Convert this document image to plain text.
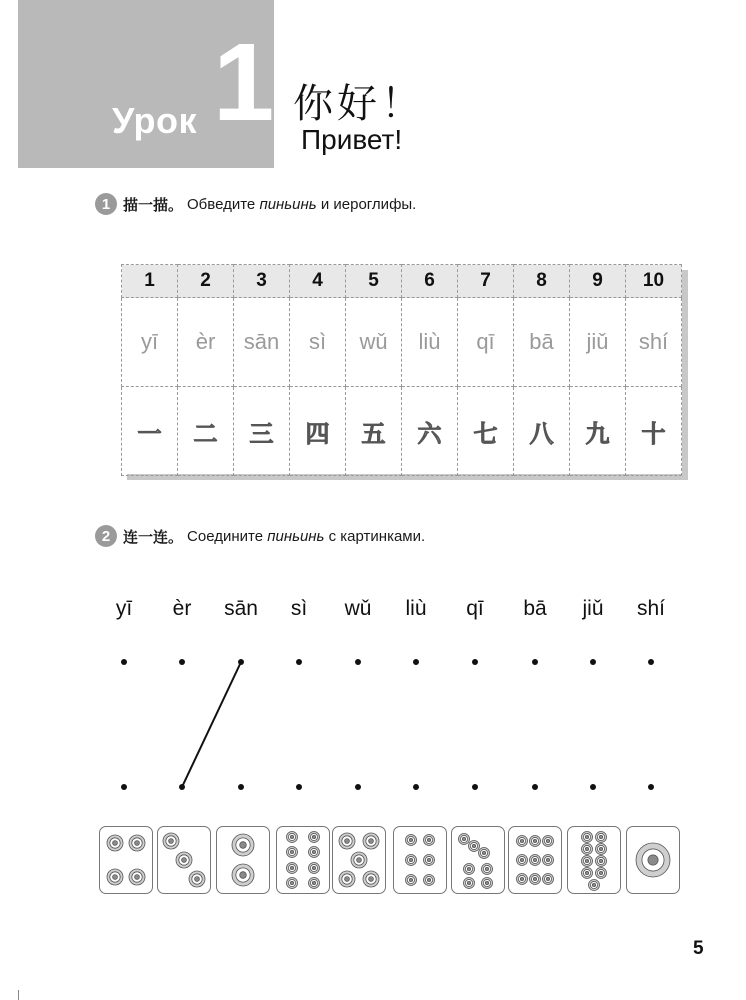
Урок 1 你好！
Привет!
1 描一描。 Обведите пиньинь и иероглифы.
1	2	3	4	5	6	7	8	9	10
yī	èr	sān	sì	wǔ	liù	qī	bā	jiǔ	shí
一	二	三	四	五	六	七	八	九	十
2 连一连。 Соедините пиньинь с картинками.
yī	èr	sān	sì	wǔ	liù	qī	bā	jiǔ	shí
5
